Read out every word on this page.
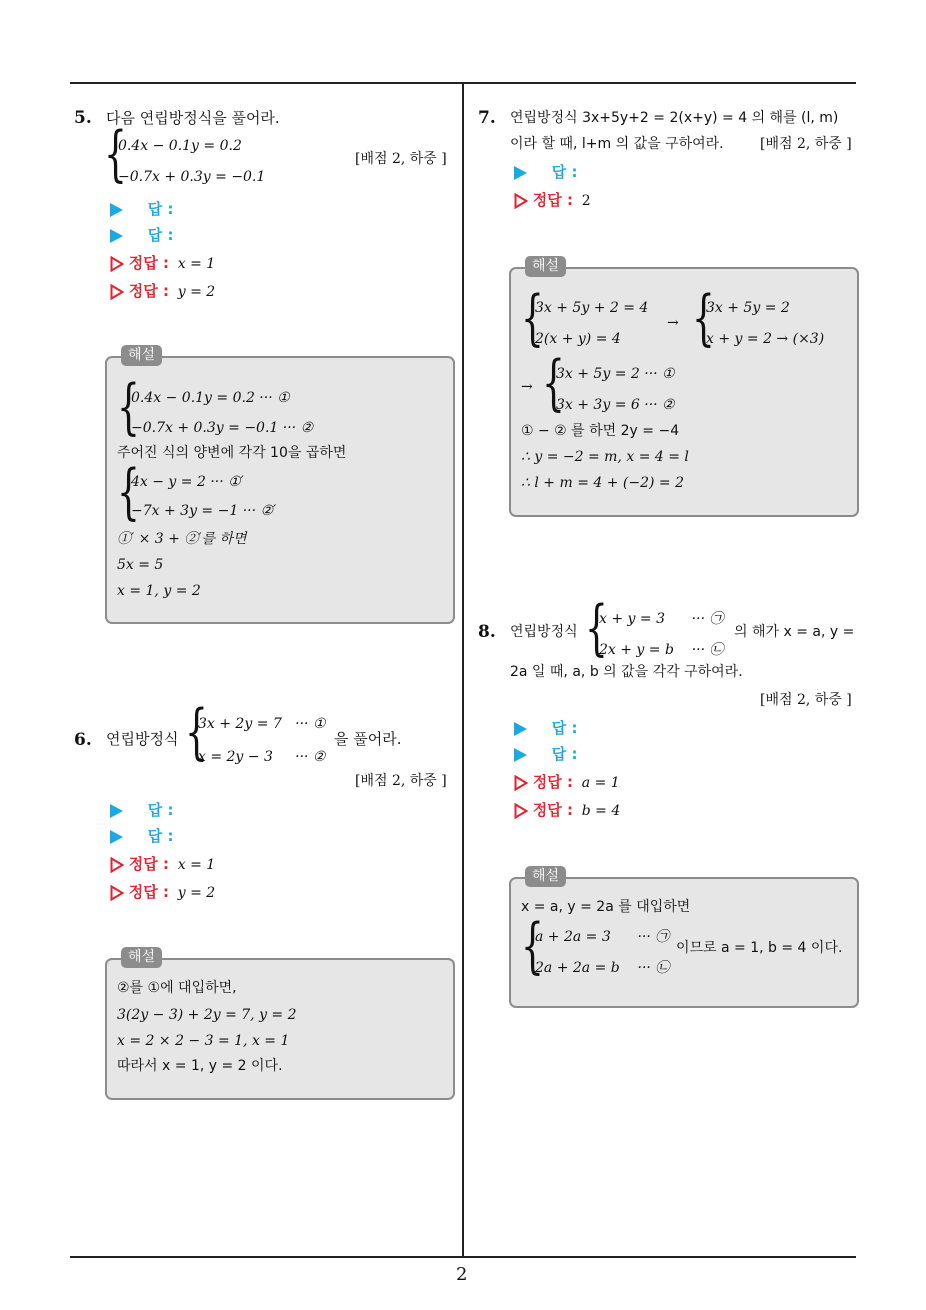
2
5. 다음 연립방정식을 풀어라.
{
0.4x − 0.1y = 0.2
−0.7x + 0.3y = −0.1
[배점 2, 하중 ]
답 :
답 :
정답 : x = 1
정답 : y = 2
해설
{
0.4x − 0.1y = 0.2 ··· ①
−0.7x + 0.3y = −0.1 ··· ②
주어진 식의 양변에 각각 10을 곱하면
{
4x − y = 2 ··· ①′
−7x + 3y = −1 ··· ②′
①′ × 3 + ②′를 하면
5x = 5
x = 1, y = 2
6. 연립방정식 {
3x + 2y = 7   ··· ①
x = 2y − 3     ··· ②
을 풀어라.
[배점 2, 하중 ]
답 :
답 :
정답 : x = 1
정답 : y = 2
해설
②를 ①에 대입하면,
3(2y − 3) + 2y = 7, y = 2
x = 2 × 2 − 3 = 1, x = 1
따라서 x = 1, y = 2 이다.
7. 연립방정식 3x+5y+2 = 2(x+y) = 4 의 해를 (l, m)
이라 할 때, l+m 의 값을 구하여라.	[배점 2, 하중 ]
답 :
정답 : 2
해설
{
3x + 5y + 2 = 4
2(x + y) = 4
→ {
3x + 5y = 2
x + y = 2 → (×3)
→ {
3x + 5y = 2 ··· ①
3x + 3y = 6 ··· ②
① − ② 를 하면 2y = −4
∴ y = −2 = m, x = 4 = l
∴ l + m = 4 + (−2) = 2
8. 연립방정식 {
x + y = 3      ··· ㉠
2x + y = b    ··· ㉡
의 해가 x = a, y =
2a 일 때, a, b 의 값을 각각 구하여라.
[배점 2, 하중 ]
답 :
답 :
정답 : a = 1
정답 : b = 4
해설
x = a, y = 2a 를 대입하면
{
a + 2a = 3      ··· ㉠
2a + 2a = b    ··· ㉡
이므로 a = 1, b = 4 이다.
